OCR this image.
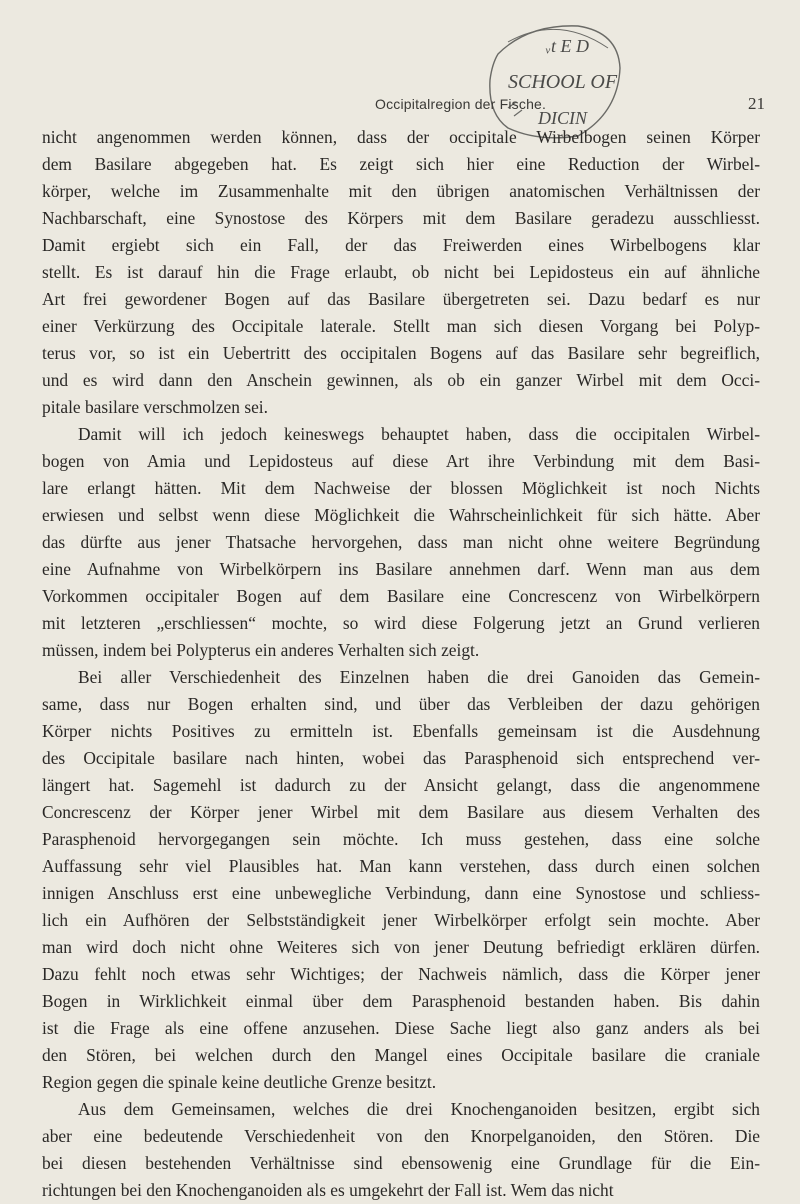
ᵥt E D
SCHOOL OF
DICIN
Occipitalregion der Fische.	21
nicht angenommen werden können, dass der occipitale Wirbelbogen seinen Körper
dem Basilare abgegeben hat. Es zeigt sich hier eine Reduction der Wirbel-
körper, welche im Zusammenhalte mit den übrigen anatomischen Verhältnissen der
Nachbarschaft, eine Synostose des Körpers mit dem Basilare geradezu ausschliesst.
Damit ergiebt sich ein Fall, der das Freiwerden eines Wirbelbogens klar
stellt. Es ist darauf hin die Frage erlaubt, ob nicht bei Lepidosteus ein auf ähnliche
Art frei gewordener Bogen auf das Basilare übergetreten sei. Dazu bedarf es nur
einer Verkürzung des Occipitale laterale. Stellt man sich diesen Vorgang bei Polyp-
terus vor, so ist ein Uebertritt des occipitalen Bogens auf das Basilare sehr begreiflich,
und es wird dann den Anschein gewinnen, als ob ein ganzer Wirbel mit dem Occi-
pitale basilare verschmolzen sei.
Damit will ich jedoch keineswegs behauptet haben, dass die occipitalen Wirbel-
bogen von Amia und Lepidosteus auf diese Art ihre Verbindung mit dem Basi-
lare erlangt hätten. Mit dem Nachweise der blossen Möglichkeit ist noch Nichts
erwiesen und selbst wenn diese Möglichkeit die Wahrscheinlichkeit für sich hätte. Aber
das dürfte aus jener Thatsache hervorgehen, dass man nicht ohne weitere Begründung
eine Aufnahme von Wirbelkörpern ins Basilare annehmen darf. Wenn man aus dem
Vorkommen occipitaler Bogen auf dem Basilare eine Concrescenz von Wirbelkörpern
mit letzteren „erschliessen“ mochte, so wird diese Folgerung jetzt an Grund verlieren
müssen, indem bei Polypterus ein anderes Verhalten sich zeigt.
Bei aller Verschiedenheit des Einzelnen haben die drei Ganoiden das Gemein-
same, dass nur Bogen erhalten sind, und über das Verbleiben der dazu gehörigen
Körper nichts Positives zu ermitteln ist. Ebenfalls gemeinsam ist die Ausdehnung
des Occipitale basilare nach hinten, wobei das Parasphenoid sich entsprechend ver-
längert hat. Sagemehl ist dadurch zu der Ansicht gelangt, dass die angenommene
Concrescenz der Körper jener Wirbel mit dem Basilare aus diesem Verhalten des
Parasphenoid hervorgegangen sein möchte. Ich muss gestehen, dass eine solche
Auffassung sehr viel Plausibles hat. Man kann verstehen, dass durch einen solchen
innigen Anschluss erst eine unbewegliche Verbindung, dann eine Synostose und schliess-
lich ein Aufhören der Selbstständigkeit jener Wirbelkörper erfolgt sein mochte. Aber
man wird doch nicht ohne Weiteres sich von jener Deutung befriedigt erklären dürfen.
Dazu fehlt noch etwas sehr Wichtiges; der Nachweis nämlich, dass die Körper jener
Bogen in Wirklichkeit einmal über dem Parasphenoid bestanden haben. Bis dahin
ist die Frage als eine offene anzusehen. Diese Sache liegt also ganz anders als bei
den Stören, bei welchen durch den Mangel eines Occipitale basilare die craniale
Region gegen die spinale keine deutliche Grenze besitzt.
Aus dem Gemeinsamen, welches die drei Knochenganoiden besitzen, ergibt sich
aber eine bedeutende Verschiedenheit von den Knorpelganoiden, den Stören. Die
bei diesen bestehenden Verhältnisse sind ebensowenig eine Grundlage für die Ein-
richtungen bei den Knochenganoiden als es umgekehrt der Fall ist. Wem das nicht
